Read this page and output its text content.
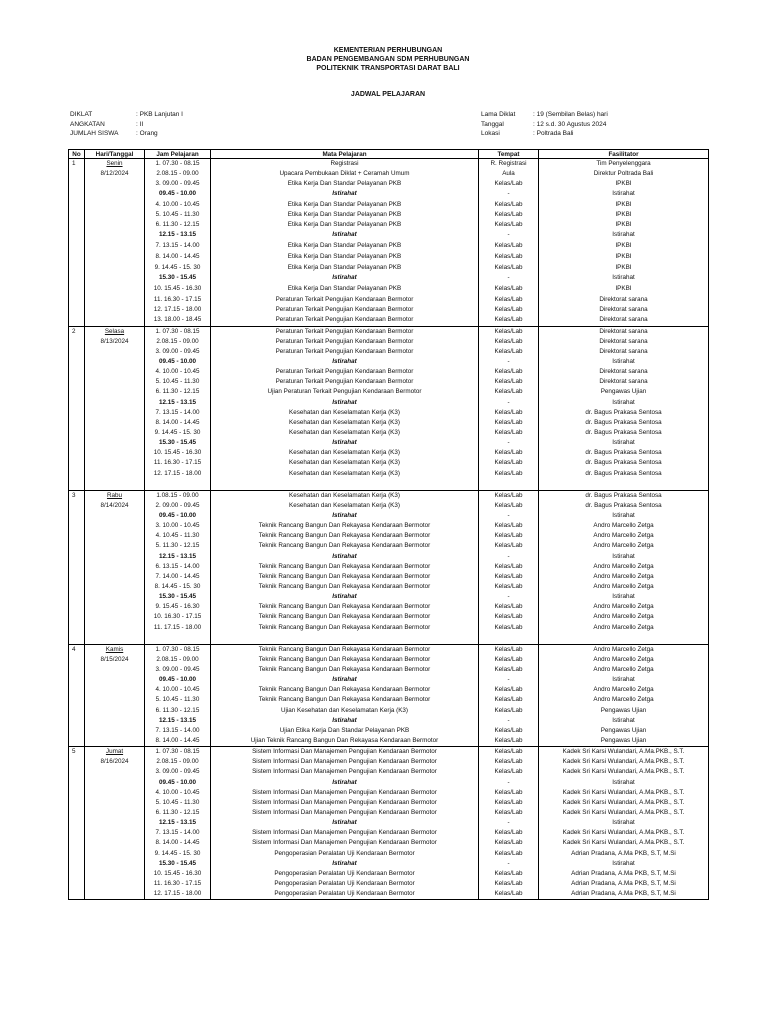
KEMENTERIAN PERHUBUNGAN
BADAN PENGEMBANGAN SDM PERHUBUNGAN
POLITEKNIK TRANSPORTASI DARAT BALI
JADWAL PELAJARAN
DIKLAT	: PKB Lanjutan I
ANGKATAN	: II
JUMLAH SISWA	: Orang
Lama Diklat	: 19 (Sembilan Belas) hari
Tanggal	: 12 s.d. 30 Agustus 2024
Lokasi	: Poltrada Bali
No	Hari/Tanggal	Jam Pelajaran	Mata Pelajaran	Tempat	Fasilitator
1	Senin	1. 07.30 - 08.15	Registrasi	R. Registrasi	Tim Penyelenggara
	8/12/2024	2.08.15 - 09.00	Upacara Pembukaan Diklat + Ceramah Umum	Aula	Direktur Poltrada Bali
		3. 09.00 - 09.45	Etika Kerja Dan Standar Pelayanan PKB	Kelas/Lab	IPKBI
		09.45 - 10.00	Istirahat	-	Istirahat
		4. 10.00 - 10.45	Etika Kerja Dan Standar Pelayanan PKB	Kelas/Lab	IPKBI
		5. 10.45 - 11.30	Etika Kerja Dan Standar Pelayanan PKB	Kelas/Lab	IPKBI
		6. 11.30 - 12.15	Etika Kerja Dan Standar Pelayanan PKB	Kelas/Lab	IPKBI
		12.15 - 13.15	Istirahat	-	Istirahat
		7. 13.15 - 14.00	Etika Kerja Dan Standar Pelayanan PKB	Kelas/Lab	IPKBI
		8. 14.00 - 14.45	Etika Kerja Dan Standar Pelayanan PKB	Kelas/Lab	IPKBI
		9. 14.45 - 15. 30	Etika Kerja Dan Standar Pelayanan PKB	Kelas/Lab	IPKBI
		15.30 - 15.45	Istirahat	-	Istirahat
		10. 15.45 - 16.30	Etika Kerja Dan Standar Pelayanan PKB	Kelas/Lab	IPKBI
		11. 16.30 - 17.15	Peraturan Terkait Pengujian Kendaraan Bermotor	Kelas/Lab	Direktorat sarana
		12. 17.15 - 18.00	Peraturan Terkait Pengujian Kendaraan Bermotor	Kelas/Lab	Direktorat sarana
		13. 18.00 - 18.45	Peraturan Terkait Pengujian Kendaraan Bermotor	Kelas/Lab	Direktorat sarana
2	Selasa	1. 07.30 - 08.15	Peraturan Terkait Pengujian Kendaraan Bermotor	Kelas/Lab	Direktorat sarana
	8/13/2024	2.08.15 - 09.00	Peraturan Terkait Pengujian Kendaraan Bermotor	Kelas/Lab	Direktorat sarana
		3. 09.00 - 09.45	Peraturan Terkait Pengujian Kendaraan Bermotor	Kelas/Lab	Direktorat sarana
		09.45 - 10.00	Istirahat	-	Istirahat
		4. 10.00 - 10.45	Peraturan Terkait Pengujian Kendaraan Bermotor	Kelas/Lab	Direktorat sarana
		5. 10.45 - 11.30	Peraturan Terkait Pengujian Kendaraan Bermotor	Kelas/Lab	Direktorat sarana
		6. 11.30 - 12.15	Ujian Peraturan Terkait Pengujian Kendaraan Bermotor	Kelas/Lab	Pengawas Ujian
		12.15 - 13.15	Istirahat	-	Istirahat
		7. 13.15 - 14.00	Kesehatan dan Keselamatan Kerja (K3)	Kelas/Lab	dr. Bagus Prakasa Sentosa
		8. 14.00 - 14.45	Kesehatan dan Keselamatan Kerja (K3)	Kelas/Lab	dr. Bagus Prakasa Sentosa
		9. 14.45 - 15. 30	Kesehatan dan Keselamatan Kerja (K3)	Kelas/Lab	dr. Bagus Prakasa Sentosa
		15.30 - 15.45	Istirahat	-	Istirahat
		10. 15.45 - 16.30	Kesehatan dan Keselamatan Kerja (K3)	Kelas/Lab	dr. Bagus Prakasa Sentosa
		11. 16.30 - 17.15	Kesehatan dan Keselamatan Kerja (K3)	Kelas/Lab	dr. Bagus Prakasa Sentosa
		12. 17.15 - 18.00	Kesehatan dan Keselamatan Kerja (K3)	Kelas/Lab	dr. Bagus Prakasa Sentosa

3	Rabu	1.08.15 - 09.00	Kesehatan dan Keselamatan Kerja (K3)	Kelas/Lab	dr. Bagus Prakasa Sentosa
	8/14/2024	2. 09.00 - 09.45	Kesehatan dan Keselamatan Kerja (K3)	Kelas/Lab	dr. Bagus Prakasa Sentosa
		09.45 - 10.00	Istirahat	-	Istirahat
		3. 10.00 - 10.45	Teknik Rancang Bangun Dan Rekayasa Kendaraan Bermotor	Kelas/Lab	Andro Marcello Zetga
		4. 10.45 - 11.30	Teknik Rancang Bangun Dan Rekayasa Kendaraan Bermotor	Kelas/Lab	Andro Marcello Zetga
		5. 11.30 - 12.15	Teknik Rancang Bangun Dan Rekayasa Kendaraan Bermotor	Kelas/Lab	Andro Marcello Zetga
		12.15 - 13.15	Istirahat	-	Istirahat
		6. 13.15 - 14.00	Teknik Rancang Bangun Dan Rekayasa Kendaraan Bermotor	Kelas/Lab	Andro Marcello Zetga
		7. 14.00 - 14.45	Teknik Rancang Bangun Dan Rekayasa Kendaraan Bermotor	Kelas/Lab	Andro Marcello Zetga
		8. 14.45 - 15. 30	Teknik Rancang Bangun Dan Rekayasa Kendaraan Bermotor	Kelas/Lab	Andro Marcello Zetga
		15.30 - 15.45	Istirahat	-	Istirahat
		9. 15.45 - 16.30	Teknik Rancang Bangun Dan Rekayasa Kendaraan Bermotor	Kelas/Lab	Andro Marcello Zetga
		10. 16.30 - 17.15	Teknik Rancang Bangun Dan Rekayasa Kendaraan Bermotor	Kelas/Lab	Andro Marcello Zetga
		11. 17.15 - 18.00	Teknik Rancang Bangun Dan Rekayasa Kendaraan Bermotor	Kelas/Lab	Andro Marcello Zetga

4	Kamis	1. 07.30 - 08.15	Teknik Rancang Bangun Dan Rekayasa Kendaraan Bermotor	Kelas/Lab	Andro Marcello Zetga
	8/15/2024	2.08.15 - 09.00	Teknik Rancang Bangun Dan Rekayasa Kendaraan Bermotor	Kelas/Lab	Andro Marcello Zetga
		3. 09.00 - 09.45	Teknik Rancang Bangun Dan Rekayasa Kendaraan Bermotor	Kelas/Lab	Andro Marcello Zetga
		09.45 - 10.00	Istirahat	-	Istirahat
		4. 10.00 - 10.45	Teknik Rancang Bangun Dan Rekayasa Kendaraan Bermotor	Kelas/Lab	Andro Marcello Zetga
		5. 10.45 - 11.30	Teknik Rancang Bangun Dan Rekayasa Kendaraan Bermotor	Kelas/Lab	Andro Marcello Zetga
		6. 11.30 - 12.15	Ujian Kesehatan dan Keselamatan Kerja (K3)	Kelas/Lab	Pengawas Ujian
		12.15 - 13.15	Istirahat	-	Istirahat
		7. 13.15 - 14.00	Ujian Etika Kerja Dan Standar Pelayanan PKB	Kelas/Lab	Pengawas Ujian
		8. 14.00 - 14.45	Ujian Teknik Rancang Bangun Dan Rekayasa Kendaraan Bermotor	Kelas/Lab	Pengawas Ujian
5	Jumat	1. 07.30 - 08.15	Sistem Informasi Dan Manajemen Pengujian Kendaraan Bermotor	Kelas/Lab	Kadek Sri Karsi Wulandari, A.Ma.PKB., S.T.
	8/16/2024	2.08.15 - 09.00	Sistem Informasi Dan Manajemen Pengujian Kendaraan Bermotor	Kelas/Lab	Kadek Sri Karsi Wulandari, A.Ma.PKB., S.T.
		3. 09.00 - 09.45	Sistem Informasi Dan Manajemen Pengujian Kendaraan Bermotor	Kelas/Lab	Kadek Sri Karsi Wulandari, A.Ma.PKB., S.T.
		09.45 - 10.00	Istirahat	-	Istirahat
		4. 10.00 - 10.45	Sistem Informasi Dan Manajemen Pengujian Kendaraan Bermotor	Kelas/Lab	Kadek Sri Karsi Wulandari, A.Ma.PKB., S.T.
		5. 10.45 - 11.30	Sistem Informasi Dan Manajemen Pengujian Kendaraan Bermotor	Kelas/Lab	Kadek Sri Karsi Wulandari, A.Ma.PKB., S.T.
		6. 11.30 - 12.15	Sistem Informasi Dan Manajemen Pengujian Kendaraan Bermotor	Kelas/Lab	Kadek Sri Karsi Wulandari, A.Ma.PKB., S.T.
		12.15 - 13.15	Istirahat	-	Istirahat
		7. 13.15 - 14.00	Sistem Informasi Dan Manajemen Pengujian Kendaraan Bermotor	Kelas/Lab	Kadek Sri Karsi Wulandari, A.Ma.PKB., S.T.
		8. 14.00 - 14.45	Sistem Informasi Dan Manajemen Pengujian Kendaraan Bermotor	Kelas/Lab	Kadek Sri Karsi Wulandari, A.Ma.PKB., S.T.
		9. 14.45 - 15. 30	Pengoperasian Peralatan Uji Kendaraan Bermotor	Kelas/Lab	Adrian Pradana, A.Ma PKB, S.T, M.Si
		15.30 - 15.45	Istirahat	-	Istirahat
		10. 15.45 - 16.30	Pengoperasian Peralatan Uji Kendaraan Bermotor	Kelas/Lab	Adrian Pradana, A.Ma PKB, S.T, M.Si
		11. 16.30 - 17.15	Pengoperasian Peralatan Uji Kendaraan Bermotor	Kelas/Lab	Adrian Pradana, A.Ma PKB, S.T, M.Si
		12. 17.15 - 18.00	Pengoperasian Peralatan Uji Kendaraan Bermotor	Kelas/Lab	Adrian Pradana, A.Ma PKB, S.T, M.Si
